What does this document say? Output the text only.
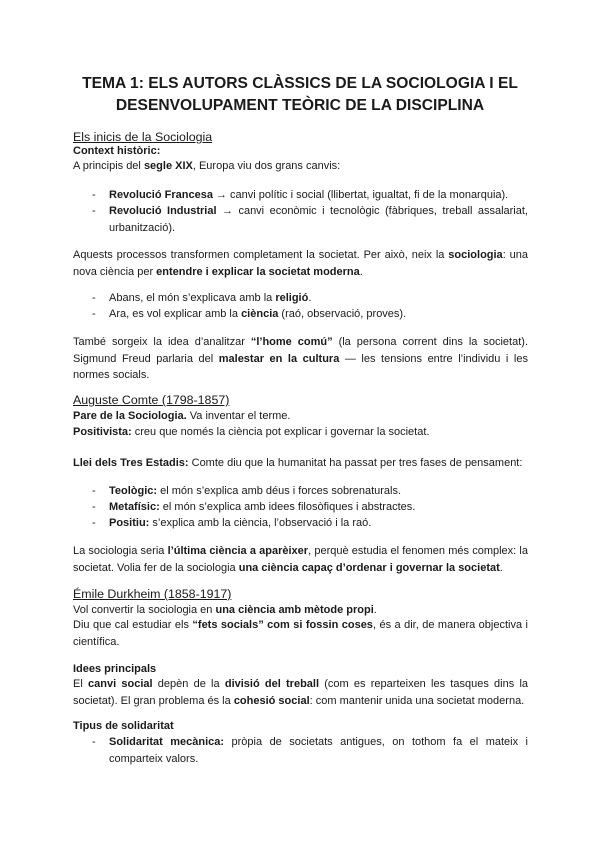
TEMA 1: ELS AUTORS CLÀSSICS DE LA SOCIOLOGIA I EL DESENVOLUPAMENT TEÒRIC DE LA DISCIPLINA
Els inicis de la Sociologia
Context històric:
A principis del segle XIX, Europa viu dos grans canvis:
- Revolució Francesa → canvi polític i social (llibertat, igualtat, fi de la monarquia).
- Revolució Industrial → canvi econòmic i tecnològic (fàbriques, treball assalariat, urbanització).
Aquests processos transformen completament la societat. Per això, neix la sociologia: una nova ciència per entendre i explicar la societat moderna.
- Abans, el món s’explicava amb la religió.
- Ara, es vol explicar amb la ciència (raó, observació, proves).
També sorgeix la idea d’analitzar “l’home comú” (la persona corrent dins la societat). Sigmund Freud parlaria del malestar en la cultura — les tensions entre l’individu i les normes socials.
Auguste Comte (1798-1857)
Pare de la Sociologia. Va inventar el terme.
Positivista: creu que només la ciència pot explicar i governar la societat.
Llei dels Tres Estadis: Comte diu que la humanitat ha passat per tres fases de pensament:
- Teològic: el món s’explica amb déus i forces sobrenaturals.
- Metafísic: el món s’explica amb idees filosòfiques i abstractes.
- Positiu: s’explica amb la ciència, l’observació i la raó.
La sociologia seria l’última ciència a aparèixer, perquè estudia el fenomen més complex: la societat. Volia fer de la sociologia una ciència capaç d’ordenar i governar la societat.
Émile Durkheim (1858-1917)
Vol convertir la sociologia en una ciència amb mètode propi.
Diu que cal estudiar els “fets socials” com si fossin coses, és a dir, de manera objectiva i científica.
Idees principals
El canvi social depèn de la divisió del treball (com es reparteixen les tasques dins la societat). El gran problema és la cohesió social: com mantenir unida una societat moderna.
Tipus de solidaritat
- Solidaritat mecànica: pròpia de societats antigues, on tothom fa el mateix i comparteix valors.
